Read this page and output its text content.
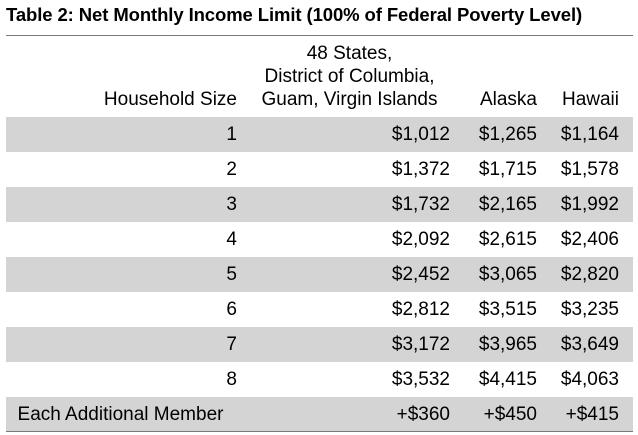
Table 2: Net Monthly Income Limit (100% of Federal Poverty Level)
Household Size	48 States,
District of Columbia,
Guam, Virgin Islands	Alaska	Hawaii
1	$1,012	$1,265	$1,164
2	$1,372	$1,715	$1,578
3	$1,732	$2,165	$1,992
4	$2,092	$2,615	$2,406
5	$2,452	$3,065	$2,820
6	$2,812	$3,515	$3,235
7	$3,172	$3,965	$3,649
8	$3,532	$4,415	$4,063
Each Additional Member	+$360	+$450	+$415
